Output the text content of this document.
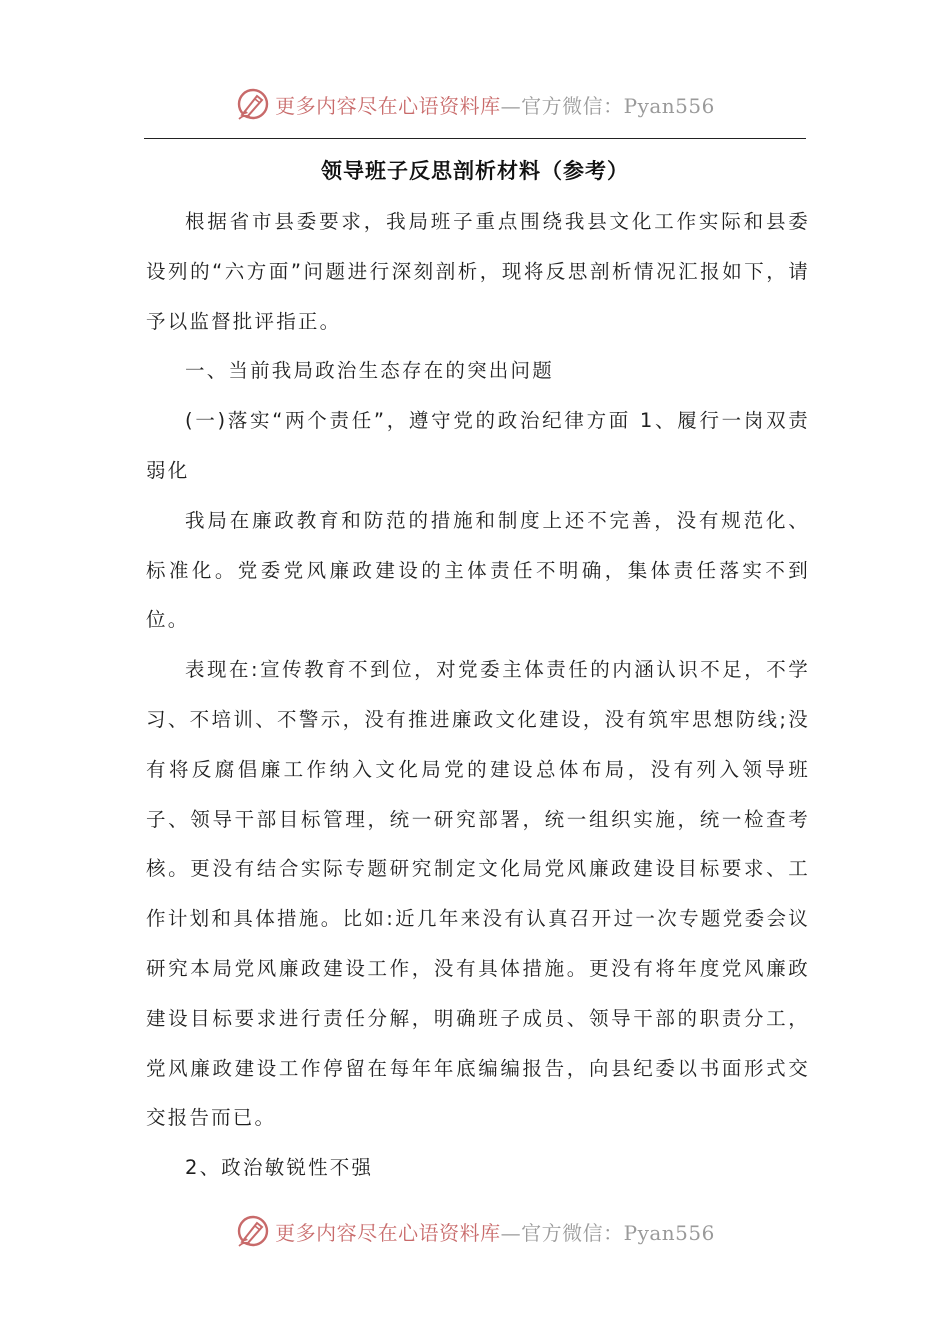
更多内容尽在心语资料库—官方微信：Pyan556
领导班子反思剖析材料（参考）

根据省市县委要求，我局班子重点围绕我县文化工作实际和县委设列的“六方面”问题进行深刻剖析，现将反思剖析情况汇报如下，请予以监督批评指正。

一、当前我局政治生态存在的突出问题

(一)落实“两个责任”，遵守党的政治纪律方面 1、履行一岗双责弱化

我局在廉政教育和防范的措施和制度上还不完善，没有规范化、标准化。党委党风廉政建设的主体责任不明确，集体责任落实不到位。

表现在:宣传教育不到位，对党委主体责任的内涵认识不足，不学习、不培训、不警示，没有推进廉政文化建设，没有筑牢思想防线;没有将反腐倡廉工作纳入文化局党的建设总体布局，没有列入领导班子、领导干部目标管理，统一研究部署，统一组织实施，统一检查考核。更没有结合实际专题研究制定文化局党风廉政建设目标要求、工作计划和具体措施。比如:近几年来没有认真召开过一次专题党委会议研究本局党风廉政建设工作，没有具体措施。更没有将年度党风廉政建设目标要求进行责任分解，明确班子成员、领导干部的职责分工，党风廉政建设工作停留在每年年底编编报告，向县纪委以书面形式交交报告而已。

2、政治敏锐性不强

更多内容尽在心语资料库—官方微信：Pyan556
